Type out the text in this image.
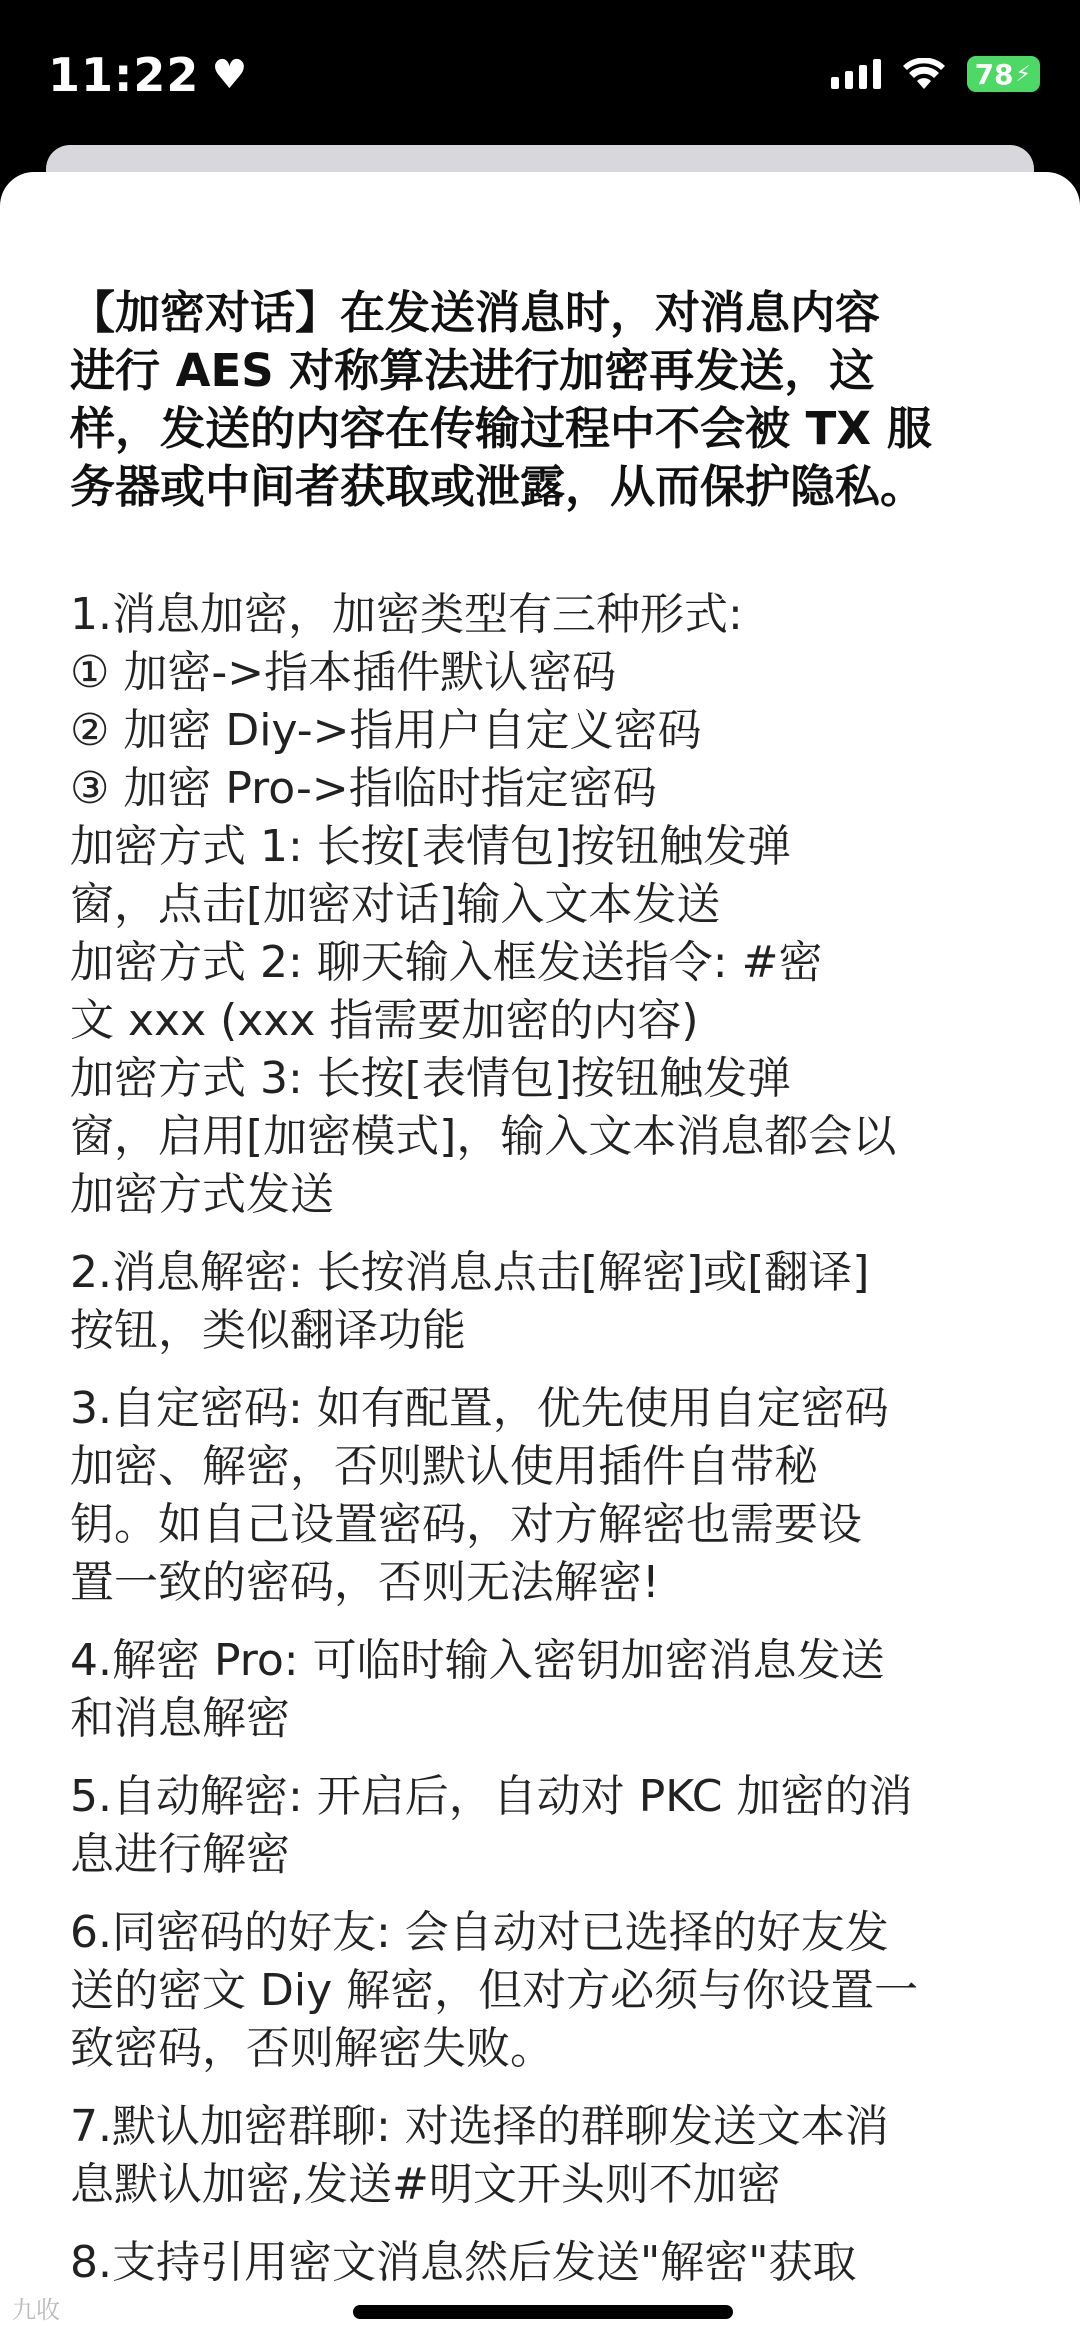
11:22 ♥	78 ⚡

【加密对话】在发送消息时，对消息内容
进行 AES 对称算法进行加密再发送，这
样，发送的内容在传输过程中不会被 TX 服
务器或中间者获取或泄露，从而保护隐私。

1.消息加密，加密类型有三种形式:
① 加密->指本插件默认密码
② 加密 Diy->指用户自定义密码
③ 加密 Pro->指临时指定密码
加密方式 1: 长按[表情包]按钮触发弹
窗，点击[加密对话]输入文本发送
加密方式 2: 聊天输入框发送指令: #密
文 xxx (xxx 指需要加密的内容)
加密方式 3: 长按[表情包]按钮触发弹
窗，启用[加密模式]，输入文本消息都会以
加密方式发送

2.消息解密: 长按消息点击[解密]或[翻译]
按钮，类似翻译功能

3.自定密码: 如有配置，优先使用自定密码
加密、解密，否则默认使用插件自带秘
钥。如自己设置密码，对方解密也需要设
置一致的密码，否则无法解密!

4.解密 Pro: 可临时输入密钥加密消息发送
和消息解密

5.自动解密: 开启后，自动对 PKC 加密的消
息进行解密

6.同密码的好友: 会自动对已选择的好友发
送的密文 Diy 解密，但对方必须与你设置一
致密码，否则解密失败。

7.默认加密群聊: 对选择的群聊发送文本消
息默认加密,发送#明文开头则不加密

8.支持引用密文消息然后发送"解密"获取

九收
